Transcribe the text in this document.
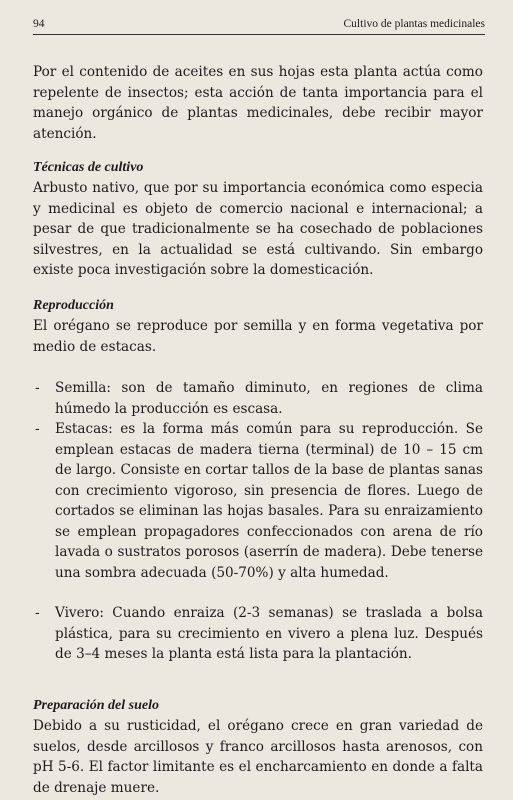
94	Cultivo de plantas medicinales

Por el contenido de aceites en sus hojas esta planta actúa como repelente de insectos; esta acción de tanta importancia para el manejo orgánico de plantas medicinales, debe recibir mayor atención.

Técnicas de cultivo

Arbusto nativo, que por su importancia económica como especia y medicinal es objeto de comercio nacional e internacional; a pesar de que tradicionalmente se ha cosechado de poblaciones silvestres, en la actualidad se está cultivando. Sin embargo existe poca investigación sobre la domesticación.

Reproducción

El orégano se reproduce por semilla y en forma vegetativa por medio de estacas.

- Semilla: son de tamaño diminuto, en regiones de clima húmedo la producción es escasa.
- Estacas: es la forma más común para su reproducción. Se emplean estacas de madera tierna (terminal) de 10 – 15 cm de largo. Consiste en cortar tallos de la base de plantas sanas con crecimiento vigoroso, sin presencia de flores. Luego de cortados se eliminan las hojas basales. Para su enraizamiento se emplean propagadores confeccionados con arena de río lavada o sustratos porosos (aserrín de madera). Debe tenerse una sombra adecuada (50-70%) y alta humedad.
- Vivero: Cuando enraiza (2-3 semanas) se traslada a bolsa plástica, para su crecimiento en vivero a plena luz. Después de 3–4 meses la planta está lista para la plantación.
Preparación del suelo

Debido a su rusticidad, el orégano crece en gran variedad de suelos, desde arcillosos y franco arcillosos hasta arenosos, con pH 5-6. El factor limitante es el encharcamiento en donde a falta de drenaje muere.
